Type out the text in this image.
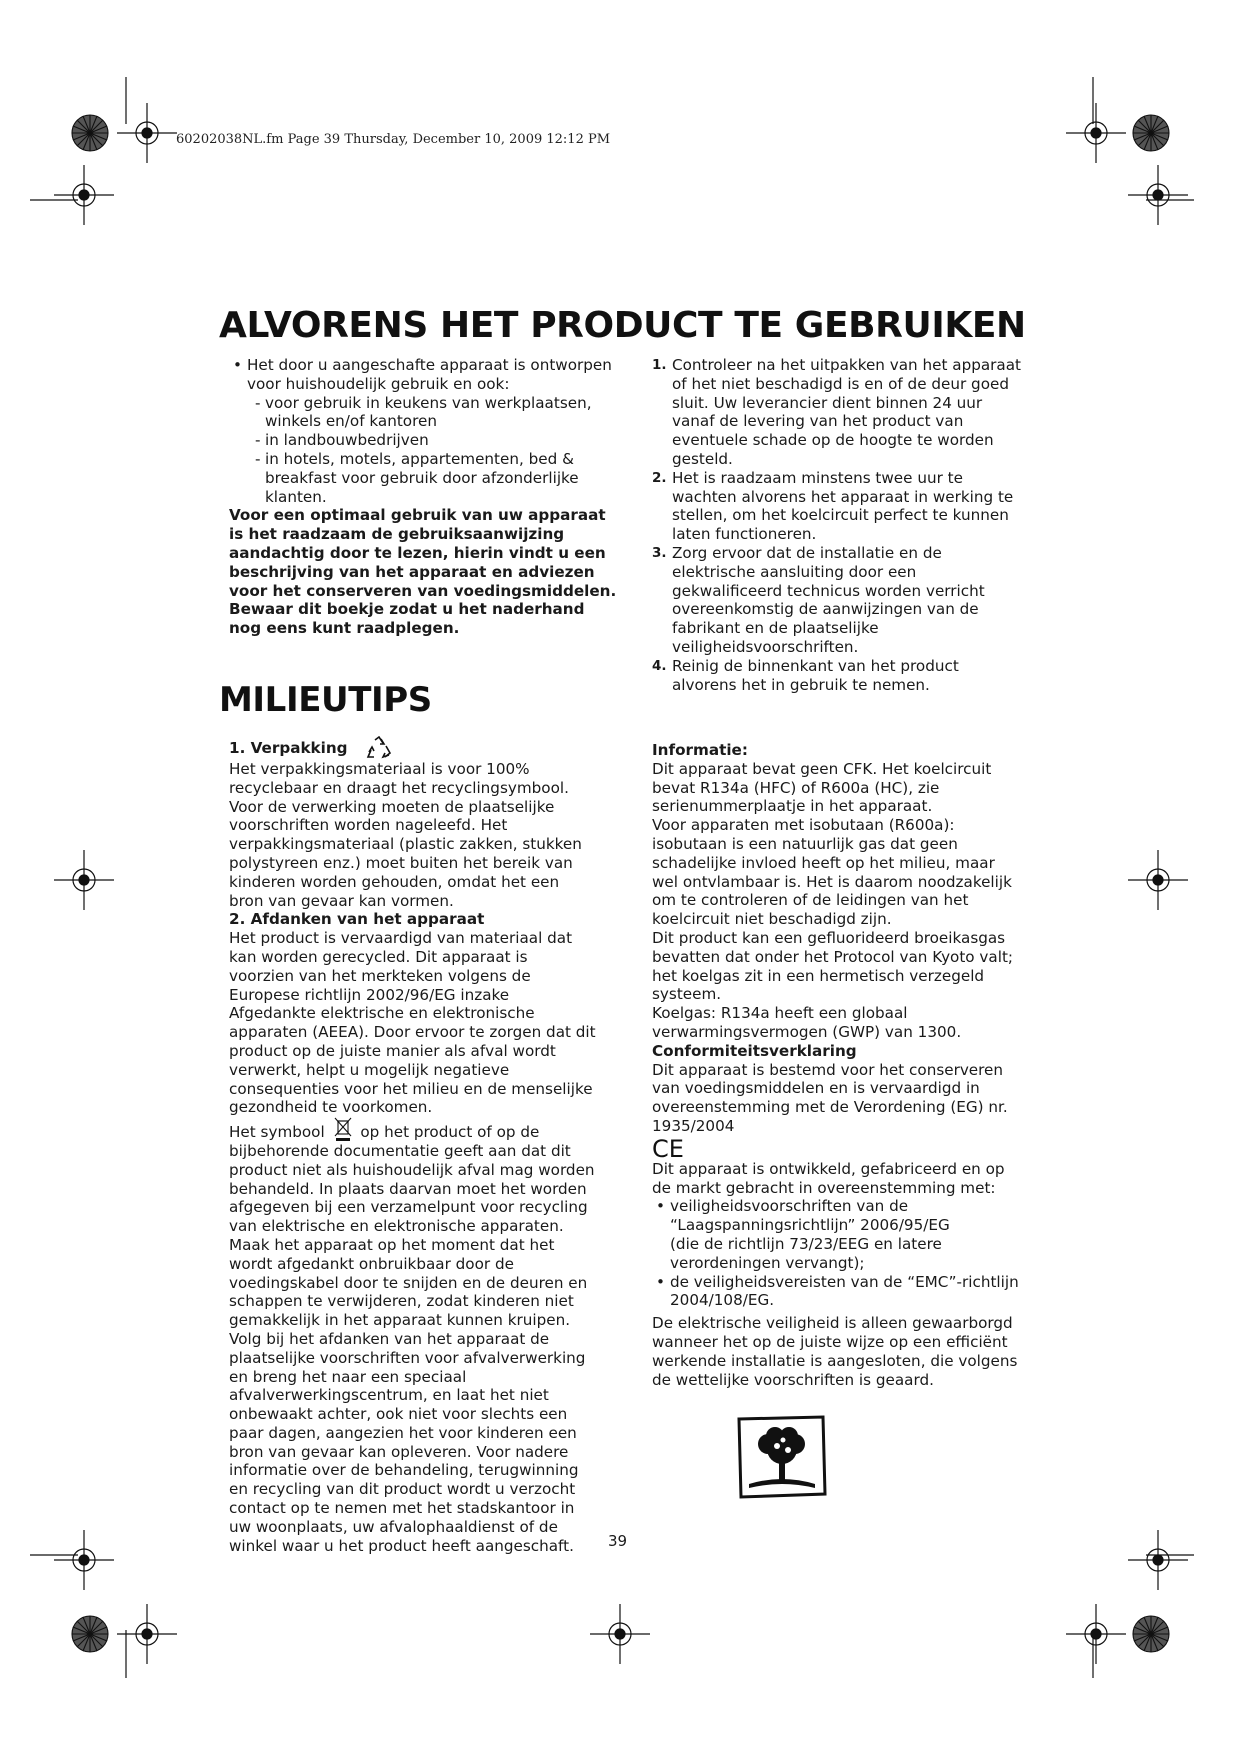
60202038NL.fm Page 39 Thursday, December 10, 2009 12:12 PM
ALVORENS HET PRODUCT TE GEBRUIKEN

• Het door u aangeschafte apparaat is ontworpen voor huishoudelijk gebruik en ook:

- voor gebruik in keukens van werkplaatsen, winkels en/of kantoren

- in landbouwbedrijven

- in hotels, motels, appartementen, bed & breakfast voor gebruik door afzonderlijke klanten.

Voor een optimaal gebruik van uw apparaat is het raadzaam de gebruiksaanwijzing aandachtig door te lezen, hierin vindt u een beschrijving van het apparaat en adviezen voor het conserveren van voedingsmiddelen.

Bewaar dit boekje zodat u het naderhand nog eens kunt raadplegen.

1. Controleer na het uitpakken van het apparaat of het niet beschadigd is en of de deur goed sluit. Uw leverancier dient binnen 24 uur vanaf de levering van het product van eventuele schade op de hoogte te worden gesteld.

2. Het is raadzaam minstens twee uur te wachten alvorens het apparaat in werking te stellen, om het koelcircuit perfect te kunnen laten functioneren.

3. Zorg ervoor dat de installatie en de elektrische aansluiting door een gekwalificeerd technicus worden verricht overeenkomstig de aanwijzingen van de fabrikant en de plaatselijke veiligheidsvoorschriften.

4. Reinig de binnenkant van het product alvorens het in gebruik te nemen.

MILIEUTIPS
1. Verpakking

Het verpakkingsmateriaal is voor 100% recyclebaar en draagt het recyclingsymbool. Voor de verwerking moeten de plaatselijke voorschriften worden nageleefd. Het verpakkingsmateriaal (plastic zakken, stukken polystyreen enz.) moet buiten het bereik van kinderen worden gehouden, omdat het een bron van gevaar kan vormen.

2. Afdanken van het apparaat

Het product is vervaardigd van materiaal dat kan worden gerecycled. Dit apparaat is voorzien van het merkteken volgens de Europese richtlijn 2002/96/EG inzake Afgedankte elektrische en elektronische apparaten (AEEA). Door ervoor te zorgen dat dit product op de juiste manier als afval wordt verwerkt, helpt u mogelijk negatieve consequenties voor het milieu en de menselijke gezondheid te voorkomen.

Het symbool op het product of op de bijbehorende documentatie geeft aan dat dit product niet als huishoudelijk afval mag worden behandeld. In plaats daarvan moet het worden afgegeven bij een verzamelpunt voor recycling van elektrische en elektronische apparaten. Maak het apparaat op het moment dat het wordt afgedankt onbruikbaar door de voedingskabel door te snijden en de deuren en schappen te verwijderen, zodat kinderen niet gemakkelijk in het apparaat kunnen kruipen. Volg bij het afdanken van het apparaat de plaatselijke voorschriften voor afvalverwerking en breng het naar een speciaal afvalverwerkingscentrum, en laat het niet onbewaakt achter, ook niet voor slechts een paar dagen, aangezien het voor kinderen een bron van gevaar kan opleveren. Voor nadere informatie over de behandeling, terugwinning en recycling van dit product wordt u verzocht contact op te nemen met het stadskantoor in uw woonplaats, uw afvalophaaldienst of de winkel waar u het product heeft aangeschaft.

Informatie:

Dit apparaat bevat geen CFK. Het koelcircuit bevat R134a (HFC) of R600a (HC), zie serienummerplaatje in het apparaat.

Voor apparaten met isobutaan (R600a): isobutaan is een natuurlijk gas dat geen schadelijke invloed heeft op het milieu, maar wel ontvlambaar is. Het is daarom noodzakelijk om te controleren of de leidingen van het koelcircuit niet beschadigd zijn.

Dit product kan een gefluorideerd broeikasgas bevatten dat onder het Protocol van Kyoto valt; het koelgas zit in een hermetisch verzegeld systeem.

Koelgas: R134a heeft een globaal verwarmingsvermogen (GWP) van 1300.

Conformiteitsverklaring

Dit apparaat is bestemd voor het conserveren van voedingsmiddelen en is vervaardigd in overeenstemming met de Verordening (EG) nr. 1935/2004

CE

Dit apparaat is ontwikkeld, gefabriceerd en op de markt gebracht in overeenstemming met:

• veiligheidsvoorschriften van de “Laagspanningsrichtlijn” 2006/95/EG

(die de richtlijn 73/23/EEG en latere verordeningen vervangt);

• de veiligheidsvereisten van de “EMC”-richtlijn 2004/108/EG.

De elektrische veiligheid is alleen gewaarborgd wanneer het op de juiste wijze op een efficiënt werkende installatie is aangesloten, die volgens de wettelijke voorschriften is geaard.

39
